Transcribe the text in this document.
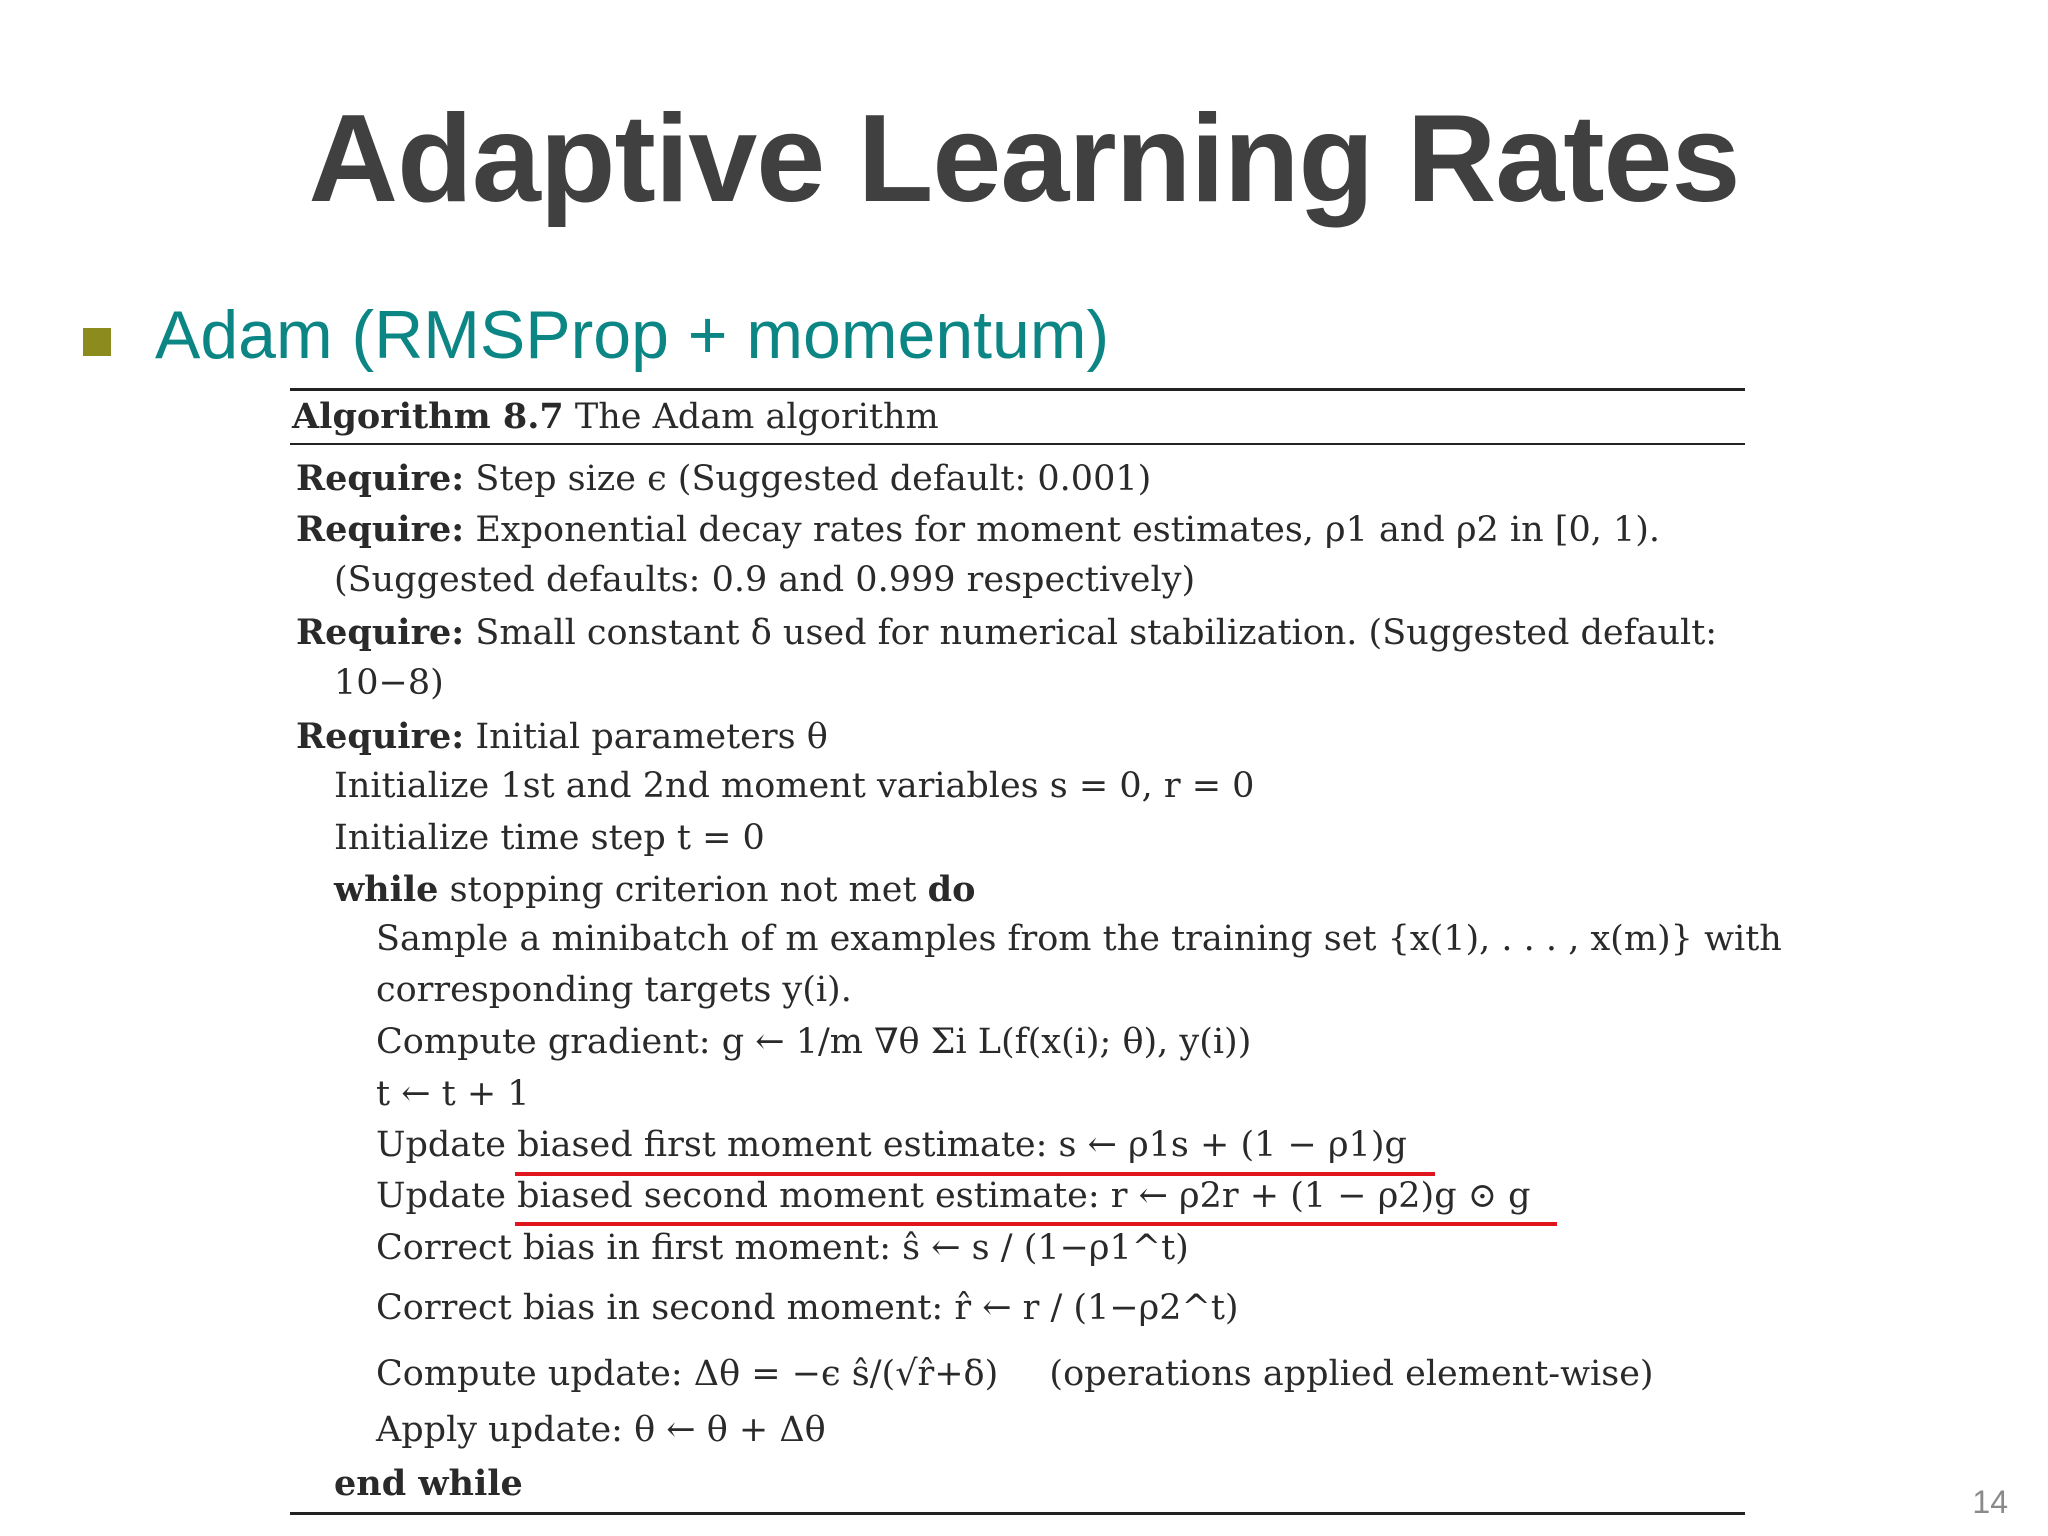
Adaptive Learning Rates
Adam (RMSProp + momentum)
Algorithm 8.7 The Adam algorithm
Require: Step size ϵ (Suggested default: 0.001)
Require: Exponential decay rates for moment estimates, ρ1 and ρ2 in [0, 1).
(Suggested defaults: 0.9 and 0.999 respectively)
Require: Small constant δ used for numerical stabilization. (Suggested default:
10−8)
Require: Initial parameters θ
Initialize 1st and 2nd moment variables s = 0, r = 0
Initialize time step t = 0
while stopping criterion not met do
Sample a minibatch of m examples from the training set {x(1), . . . , x(m)} with
corresponding targets y(i).
Compute gradient: g ← 1/m ∇θ Σi L(f(x(i); θ), y(i))
t ← t + 1
Update biased first moment estimate: s ← ρ1s + (1 − ρ1)g
Update biased second moment estimate: r ← ρ2r + (1 − ρ2)g ⊙ g
Correct bias in first moment: ŝ ← s / (1−ρ1^t)
Correct bias in second moment: r̂ ← r / (1−ρ2^t)
Compute update: Δθ = −ϵ ŝ/(√r̂+δ) (operations applied element-wise)
Apply update: θ ← θ + Δθ
end while	14
